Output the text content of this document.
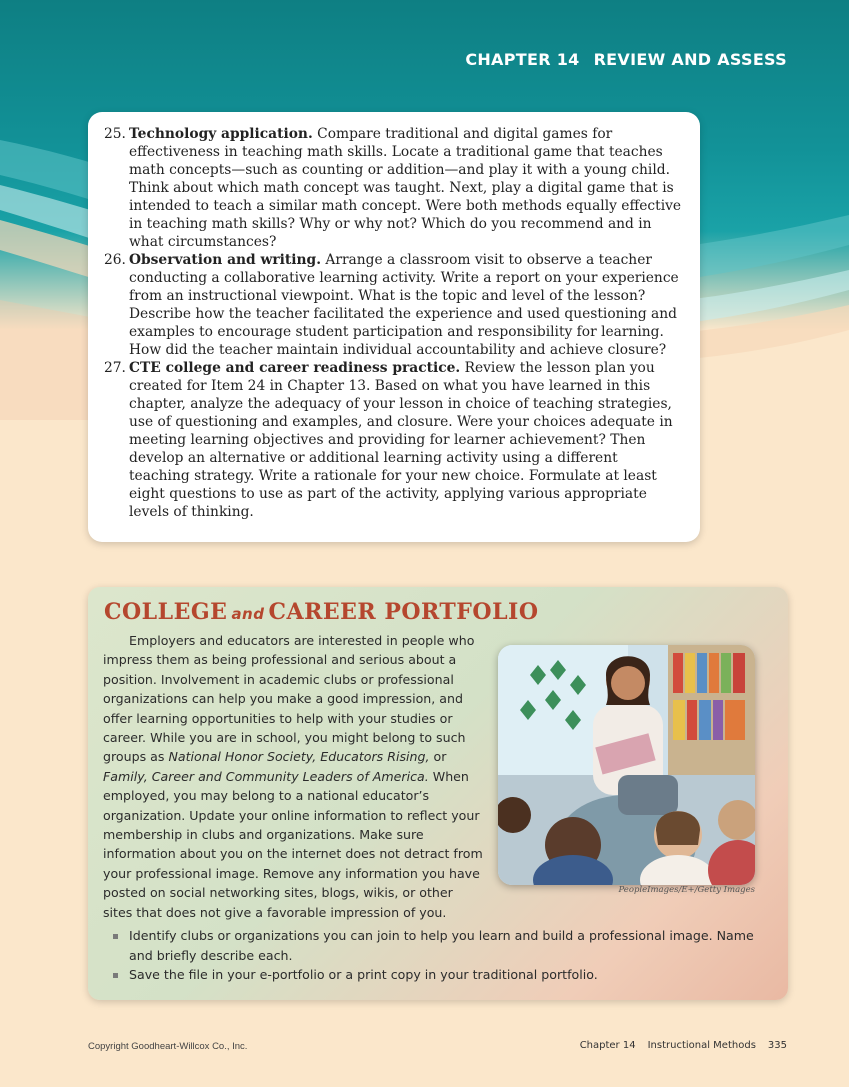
CHAPTER 14 REVIEW AND ASSESS

25. Technology application. Compare traditional and digital games for effectiveness in teaching math skills. Locate a traditional game that teaches math concepts—such as counting or addition—and play it with a young child. Think about which math concept was taught. Next, play a digital game that is intended to teach a similar math concept. Were both methods equally effective in teaching math skills? Why or why not? Which do you recommend and in what circumstances?

26. Observation and writing. Arrange a classroom visit to observe a teacher conducting a collaborative learning activity. Write a report on your experience from an instructional viewpoint. What is the topic and level of the lesson? Describe how the teacher facilitated the experience and used questioning and examples to encourage student participation and responsibility for learning. How did the teacher maintain individual accountability and achieve closure?

27. CTE college and career readiness practice. Review the lesson plan you created for Item 24 in Chapter 13. Based on what you have learned in this chapter, analyze the adequacy of your lesson in choice of teaching strategies, use of questioning and examples, and closure. Were your choices adequate in meeting learning objectives and providing for learner achievement? Then develop an alternative or additional learning activity using a different teaching strategy. Write a rationale for your new choice. Formulate at least eight questions to use as part of the activity, applying various appropriate levels of thinking.

COLLEGE and CAREER PORTFOLIO

Employers and educators are interested in people who impress them as being professional and serious about a position. Involvement in academic clubs or professional organizations can help you make a good impression, and offer learning opportunities to help with your studies or career. While you are in school, you might belong to such groups as National Honor Society, Educators Rising, or Family, Career and Community Leaders of America. When employed, you may belong to a national educator’s organization. Update your online information to reflect your membership in clubs and organizations. Make sure information about you on the internet does not detract from your professional image. Remove any information you have posted on social networking sites, blogs, wikis, or other sites that does not give a favorable impression of you.

PeopleImages/E+/Getty Images

Identify clubs or organizations you can join to help you learn and build a professional image. Name and briefly describe each.
Save the file in your e-portfolio or a print copy in your traditional portfolio.

Copyright Goodheart-Willcox Co., Inc.	Chapter 14 Instructional Methods 335
